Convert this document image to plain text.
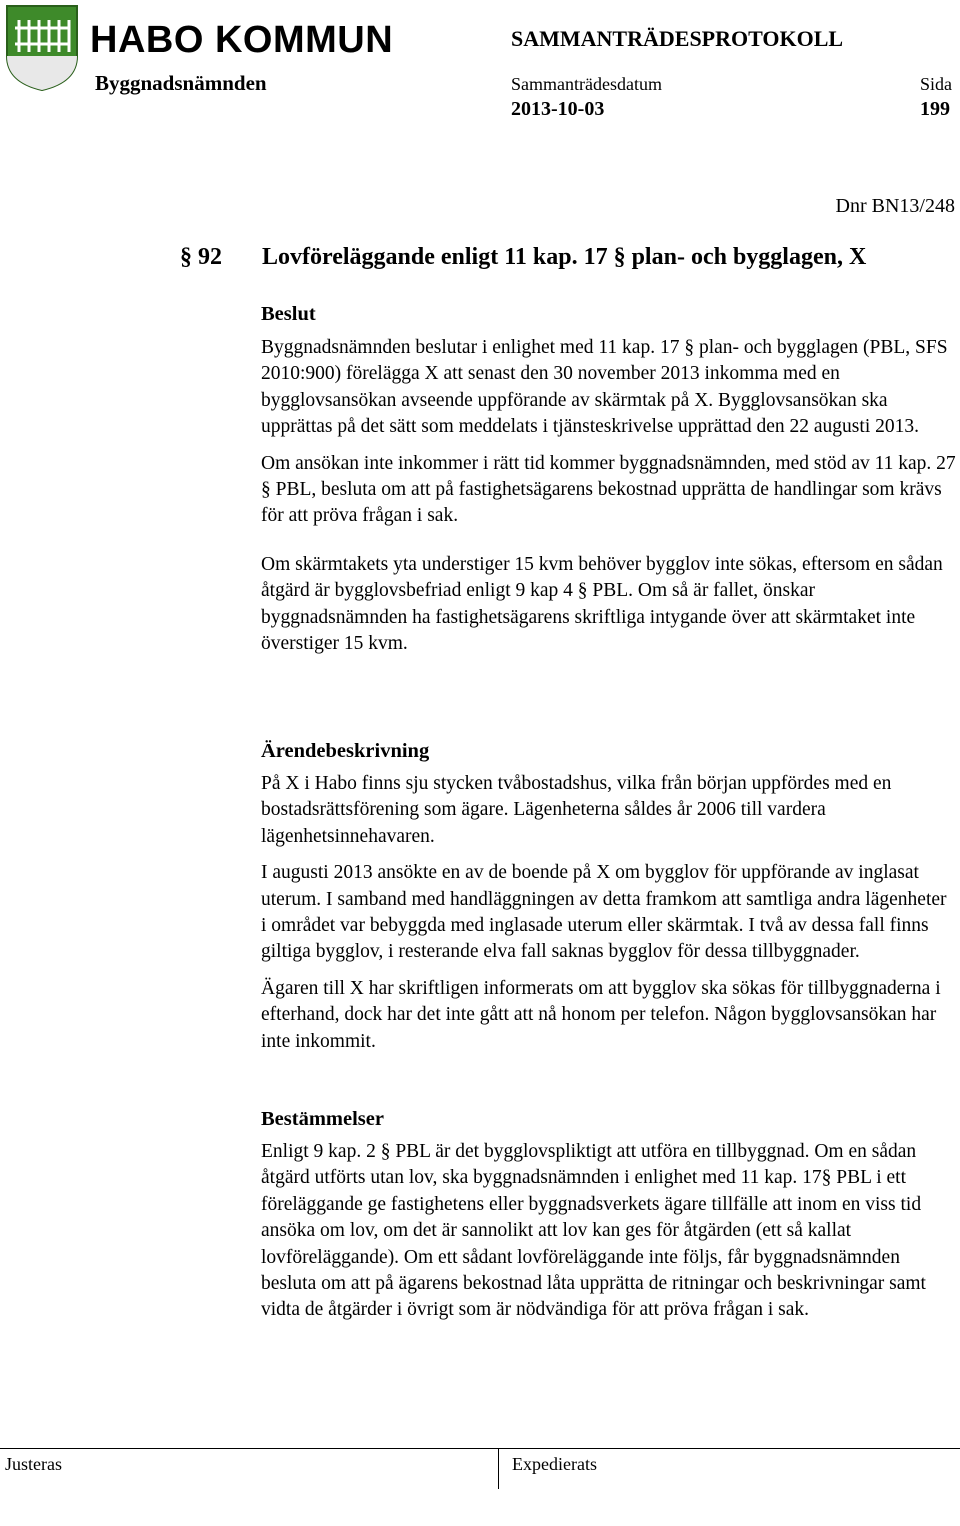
HABO KOMMUN
Byggnadsnämnden
SAMMANTRÄDESPROTOKOLL
Sammanträdesdatum
2013-10-03
Sida
199
Dnr BN13/248
§ 92 Lovföreläggande enligt 11 kap. 17 § plan- och bygglagen, X
Beslut

Byggnadsnämnden beslutar i enlighet med 11 kap. 17 § plan- och bygglagen (PBL, SFS 2010:900) förelägga X att senast den 30 november 2013 inkomma med en bygglovsansökan avseende uppförande av skärmtak på X. Bygglovsansökan ska upprättas på det sätt som meddelats i tjänsteskrivelse upprättad den 22 augusti 2013.

Om ansökan inte inkommer i rätt tid kommer byggnadsnämnden, med stöd av 11 kap. 27 § PBL, besluta om att på fastighetsägarens bekostnad upprätta de handlingar som krävs för att pröva frågan i sak.

Om skärmtakets yta understiger 15 kvm behöver bygglov inte sökas, eftersom en sådan åtgärd är bygglovsbefriad enligt 9 kap 4 § PBL. Om så är fallet, önskar byggnadsnämnden ha fastighetsägarens skriftliga intygande över att skärmtaket inte överstiger 15 kvm.

Ärendebeskrivning

På X i Habo finns sju stycken tvåbostadshus, vilka från början uppfördes med en bostadsrättsförening som ägare. Lägenheterna såldes år 2006 till vardera lägenhetsinnehavaren.

I augusti 2013 ansökte en av de boende på X om bygglov för uppförande av inglasat uterum. I samband med handläggningen av detta framkom att samtliga andra lägenheter i området var bebyggda med inglasade uterum eller skärmtak. I två av dessa fall finns giltiga bygglov, i resterande elva fall saknas bygglov för dessa tillbyggnader.

Ägaren till X har skriftligen informerats om att bygglov ska sökas för tillbyggnaderna i efterhand, dock har det inte gått att nå honom per telefon. Någon bygglovsansökan har inte inkommit.

Bestämmelser

Enligt 9 kap. 2 § PBL är det bygglovspliktigt att utföra en tillbyggnad. Om en sådan åtgärd utförts utan lov, ska byggnadsnämnden i enlighet med 11 kap. 17§ PBL i ett föreläggande ge fastighetens eller byggnadsverkets ägare tillfälle att inom en viss tid ansöka om lov, om det är sannolikt att lov kan ges för åtgärden (ett så kallat lovföreläggande). Om ett sådant lovföreläggande inte följs, får byggnadsnämnden besluta om att på ägarens bekostnad låta upprätta de ritningar och beskrivningar samt vidta de åtgärder i övrigt som är nödvändiga för att pröva frågan i sak.

Justeras	Expedierats
